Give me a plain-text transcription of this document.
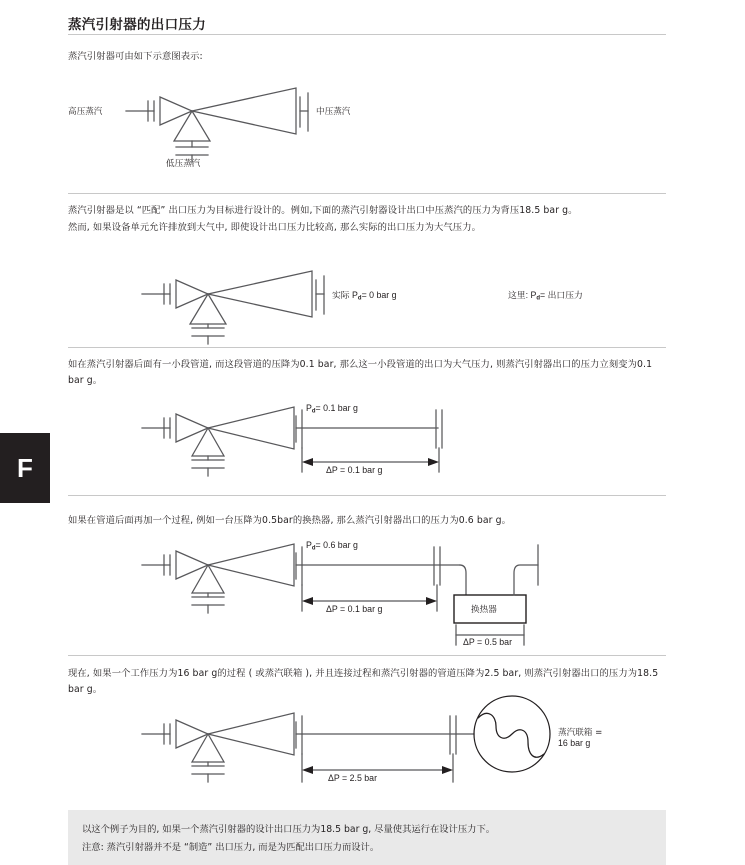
F
蒸汽引射器的出口压力

蒸汽引射器可由如下示意图表示:

高压蒸汽	中压蒸汽
低压蒸汽

蒸汽引射器是以 “匹配” 出口压力为目标进行设计的。例如,下面的蒸汽引射器设计出口中压蒸汽的压力为背压18.5 bar g。

然而, 如果设备单元允许排放到大气中, 即使设计出口压力比较高, 那么实际的出口压力为大气压力。

实际 $P_d= 0$ bar g	这里: $P_d=$ 出口压力

如在蒸汽引射器后面有一小段管道, 而这段管道的压降为0.1 bar, 那么这一小段管道的出口为大气压力, 则蒸汽引射器出口的压力立刻变为0.1 bar g。

$P_d= 0.1$ bar g
ΔP = 0.1 bar g

如果在管道后面再加一个过程, 例如一台压降为0.5bar的换热器, 那么蒸汽引射器出口的压力为0.6 bar g。

$P_d= 0.6$ bar g
ΔP = 0.1 bar g	换热器
ΔP = 0.5 bar

现在, 如果一个工作压力为16 bar g的过程 ( 或蒸汽联箱 ), 并且连接过程和蒸汽引射器的管道压降为2.5 bar, 则蒸汽引射器出口的压力为18.5 bar g。

ΔP = 2.5 bar
蒸汽联箱 =
16 bar g

以这个例子为目的, 如果一个蒸汽引射器的设计出口压力为18.5 bar g, 尽量使其运行在设计压力下。

注意: 蒸汽引射器并不是 “制造” 出口压力, 而是为匹配出口压力而设计。
